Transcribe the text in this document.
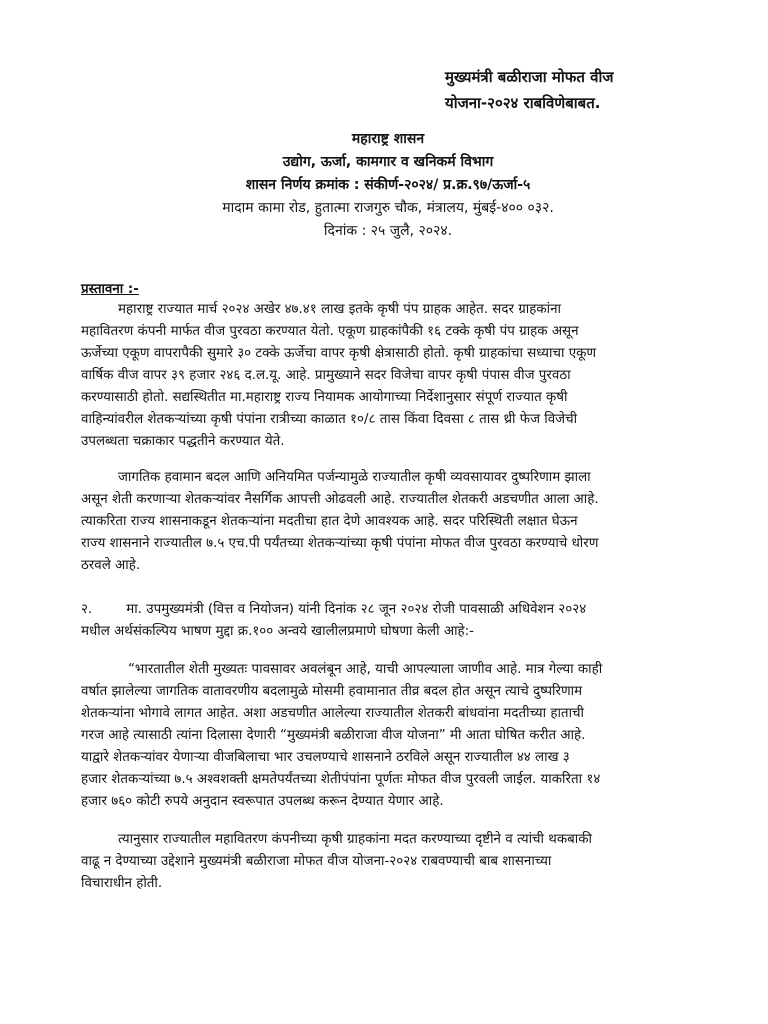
मुख्यमंत्री बळीराजा मोफत वीज
योजना-२०२४ राबविणेबाबत.
महाराष्ट्र शासन
उद्योग, ऊर्जा, कामगार व खनिकर्म विभाग
शासन निर्णय क्रमांक : संकीर्ण-२०२४/ प्र.क्र.९७/ऊर्जा-५
मादाम कामा रोड, हुतात्मा राजगुरु चौक, मंत्रालय, मुंबई-४०० ०३२.
दिनांक : २५ जुलै, २०२४.
प्रस्तावना :-
महाराष्ट्र राज्यात मार्च २०२४ अखेर ४७.४१ लाख इतके कृषी पंप ग्राहक आहेत. सदर ग्राहकांना
महावितरण कंपनी मार्फत वीज पुरवठा करण्यात येतो. एकूण ग्राहकांपैकी १६ टक्के कृषी पंप ग्राहक असून
ऊर्जेच्या एकूण वापरापैकी सुमारे ३० टक्के ऊर्जेचा वापर कृषी क्षेत्रासाठी होतो. कृषी ग्राहकांचा सध्याचा एकूण
वार्षिक वीज वापर ३९ हजार २४६ द.ल.यू. आहे. प्रामुख्याने सदर विजेचा वापर कृषी पंपास वीज पुरवठा
करण्यासाठी होतो. सद्यस्थितीत मा.महाराष्ट्र राज्य नियामक आयोगाच्या निर्देशानुसार संपूर्ण राज्यात कृषी
वाहिन्यांवरील शेतकऱ्यांच्या कृषी पंपांना रात्रीच्या काळात १०/८ तास किंवा दिवसा ८ तास थ्री फेज विजेची
उपलब्धता चक्राकार पद्धतीने करण्यात येते.
जागतिक हवामान बदल आणि अनियमित पर्जन्यामुळे राज्यातील कृषी व्यवसायावर दुष्परिणाम झाला
असून शेती करणाऱ्या शेतकऱ्यांवर नैसर्गिक आपत्ती ओढवली आहे. राज्यातील शेतकरी अडचणीत आला आहे.
त्याकरिता राज्य शासनाकडून शेतकऱ्यांना मदतीचा हात देणे आवश्यक आहे. सदर परिस्थिती लक्षात घेऊन
राज्य शासनाने राज्यातील ७.५ एच.पी पर्यंतच्या शेतकऱ्यांच्या कृषी पंपांना मोफत वीज पुरवठा करण्याचे धोरण
ठरवले आहे.
२.        मा. उपमुख्यमंत्री (वित्त व नियोजन) यांनी दिनांक २८ जून २०२४ रोजी पावसाळी अधिवेशन २०२४
मधील अर्थसंकल्पिय भाषण मुद्दा क्र.१०० अन्वये खालीलप्रमाणे घोषणा केली आहे:-
“भारतातील शेती मुख्यतः पावसावर अवलंबून आहे, याची आपल्याला जाणीव आहे. मात्र गेल्या काही
वर्षात झालेल्या जागतिक वातावरणीय बदलामुळे मोसमी हवामानात तीव्र बदल होत असून त्याचे दुष्परिणाम
शेतकऱ्यांना भोगावे लागत आहेत. अशा अडचणीत आलेल्या राज्यातील शेतकरी बांधवांना मदतीच्या हाताची
गरज आहे त्यासाठी त्यांना दिलासा देणारी “मुख्यमंत्री बळीराजा वीज योजना” मी आता घोषित करीत आहे.
याद्वारे शेतकऱ्यांवर येणाऱ्या वीजबिलाचा भार उचलण्याचे शासनाने ठरविले असून राज्यातील ४४ लाख ३
हजार शेतकऱ्यांच्या ७.५ अश्वशक्ती क्षमतेपर्यंतच्या शेतीपंपांना पूर्णतः मोफत वीज पुरवली जाईल. याकरिता १४
हजार ७६० कोटी रुपये अनुदान स्वरूपात उपलब्ध करून देण्यात येणार आहे.
त्यानुसार राज्यातील महावितरण कंपनीच्या कृषी ग्राहकांना मदत करण्याच्या दृष्टीने व त्यांची थकबाकी
वाढू न देण्याच्या उद्देशाने मुख्यमंत्री बळीराजा मोफत वीज योजना-२०२४ राबवण्याची बाब शासनाच्या
विचाराधीन होती.
